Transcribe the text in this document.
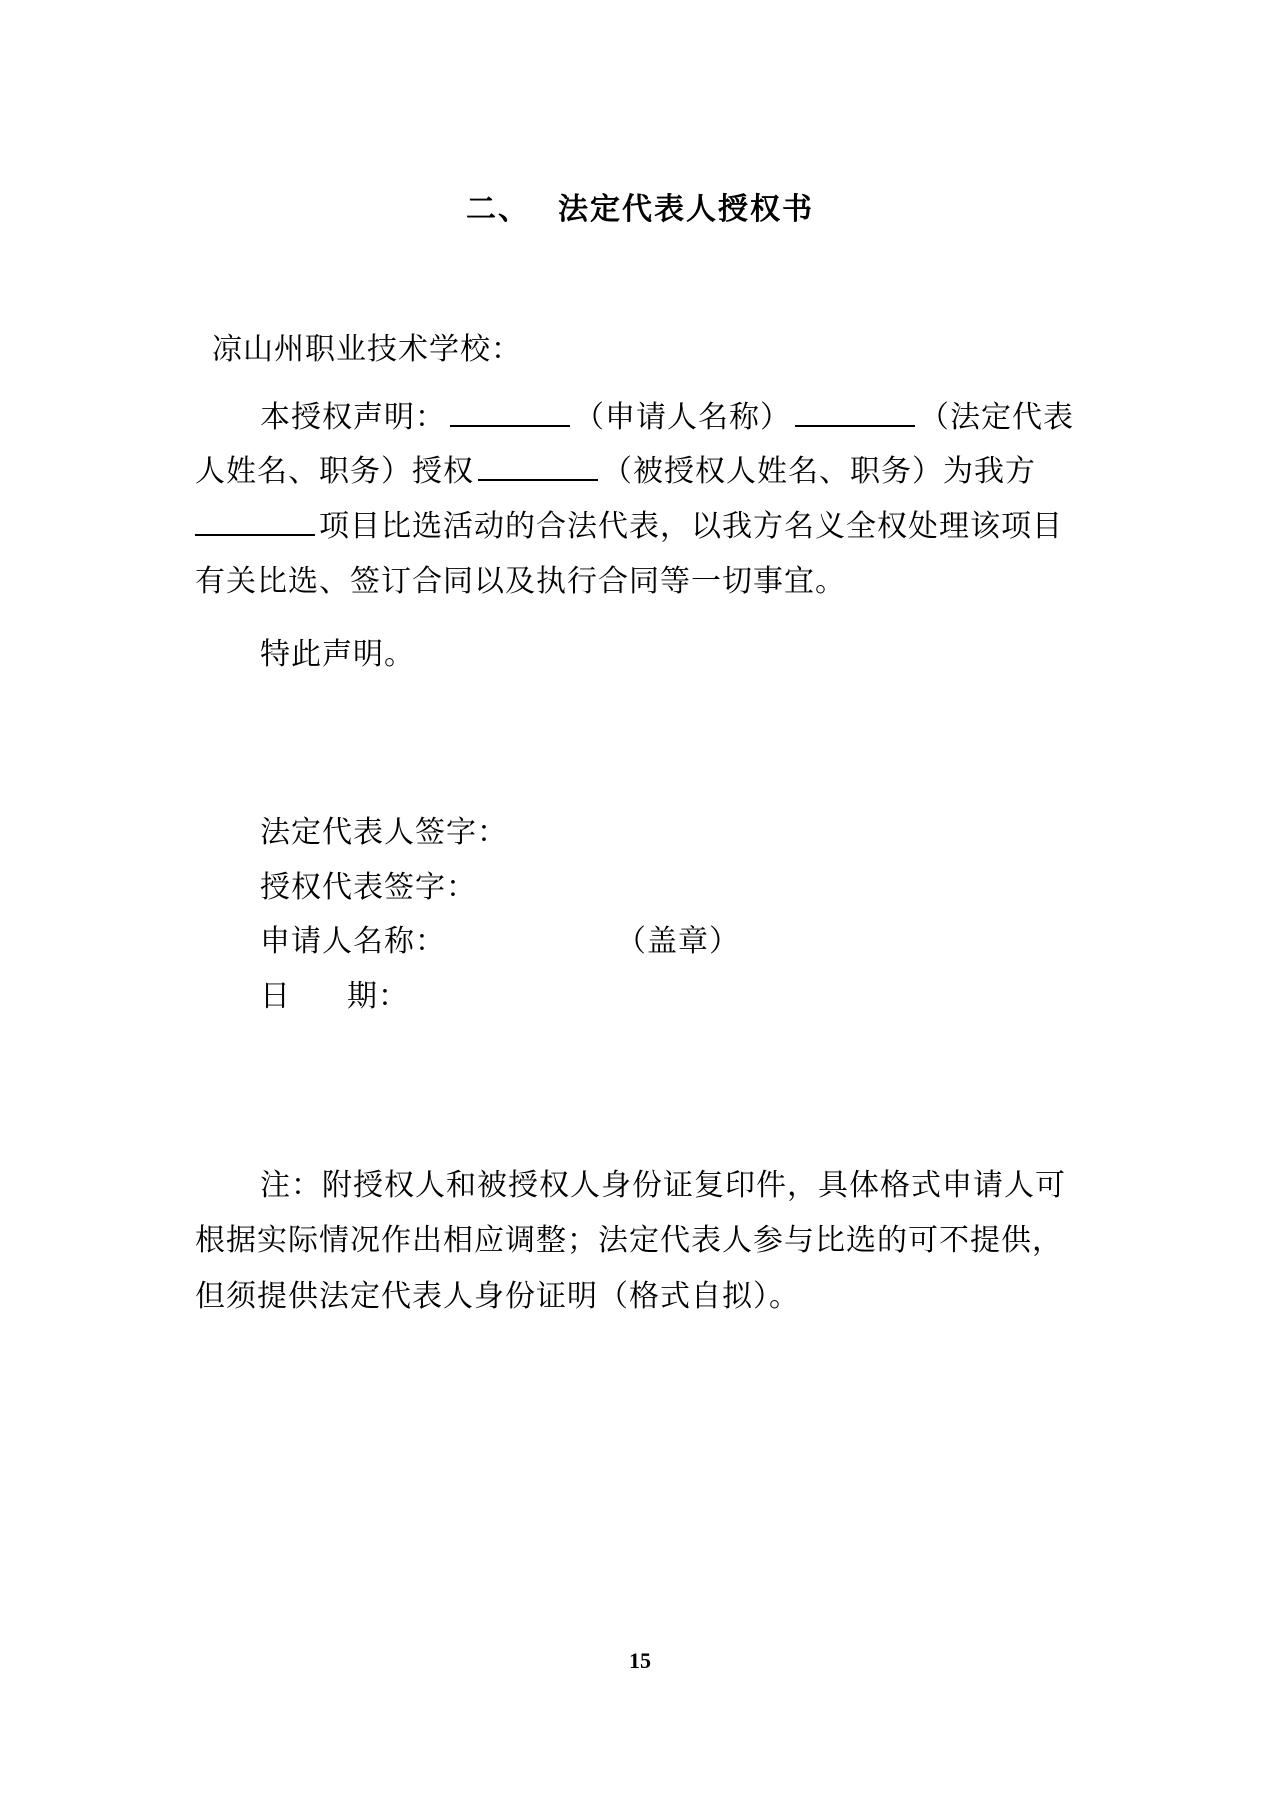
二、 法定代表人授权书
凉山州职业技术学校：
本授权声明：	（申请人名称）	（法定代表
人姓名、职务）授权	（被授权人姓名、职务）为我方
项目比选活动的合法代表，以我方名义全权处理该项目
有关比选、签订合同以及执行合同等一切事宜。
特此声明。
法定代表人签字：
授权代表签字：
申请人名称：	（盖章）
日 期：
注：附授权人和被授权人身份证复印件，具体格式申请人可
根据实际情况作出相应调整；法定代表人参与比选的可不提供，
但须提供法定代表人身份证明（格式自拟）。
15
